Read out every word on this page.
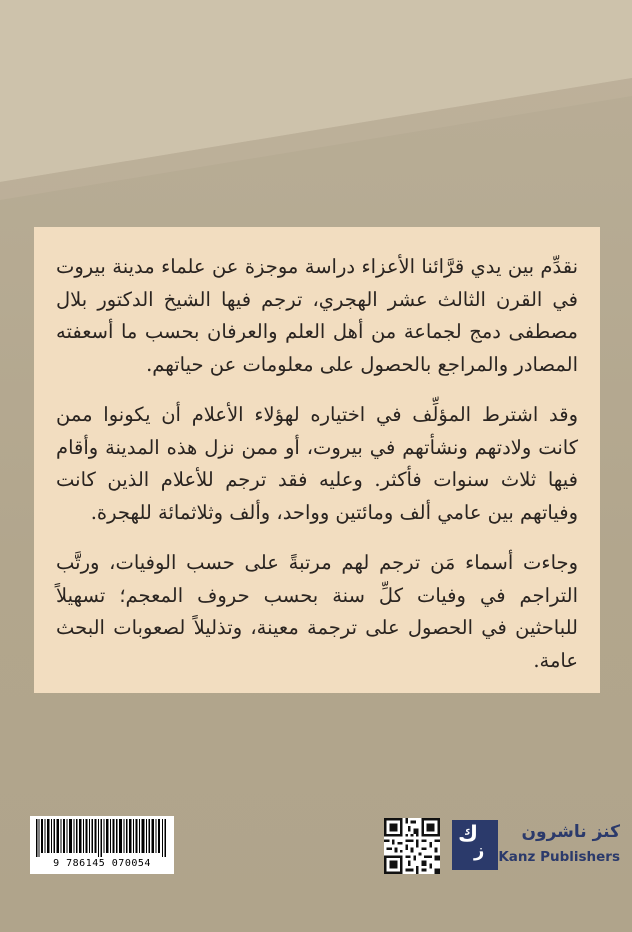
نقدِّم بين يدي قرَّائنا الأعزاء دراسة موجزة عن علماء مدينة بيروت في القرن الثالث عشر الهجري، ترجم فيها الشيخ الدكتور بلال مصطفى دمج لجماعة من أهل العلم والعرفان بحسب ما أسعفته المصادر والمراجع بالحصول على معلومات عن حياتهم.

وقد اشترط المؤلِّف في اختياره لهؤلاء الأعلام أن يكونوا ممن كانت ولادتهم ونشأتهم في بيروت، أو ممن نزل هذه المدينة وأقام فيها ثلاث سنوات فأكثر. وعليه فقد ترجم للأعلام الذين كانت وفياتهم بين عامي ألف ومائتين وواحد، وألف وثلاثمائة للهجرة.

وجاءت أسماء مَن ترجم لهم مرتبةً على حسب الوفيات، ورتَّب التراجم في وفيات كلِّ سنة بحسب حروف المعجم؛ تسهيلاً للباحثين في الحصول على ترجمة معينة، وتذليلاً لصعوبات البحث عامة.

9 786145 070054
ك
ز
كنز ناشرون
Kanz Publishers
